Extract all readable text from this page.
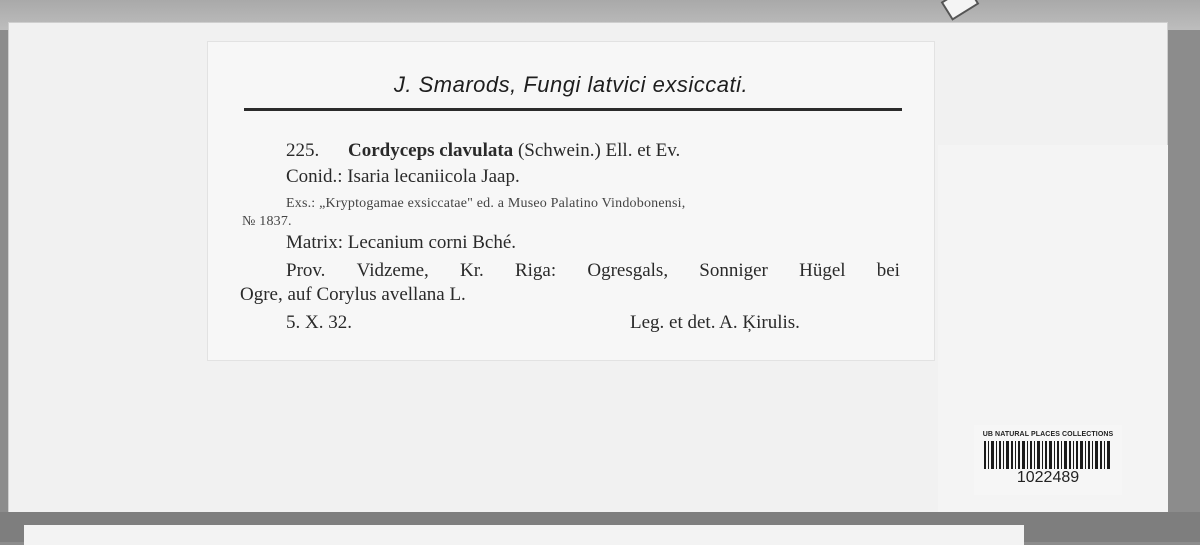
J. Smarods, Fungi latvici exsiccati.
225. Cordyceps clavulata (Schwein.) Ell. et Ev.
Conid.: Isaria lecaniicola Jaap.
Exs.: „Kryptogamae exsiccatae" ed. a Museo Palatino Vindobonensi,
№ 1837.
Matrix: Lecanium corni Bché.
Prov. Vidzeme, Kr. Riga: Ogresgals, Sonniger Hügel bei
Ogre, auf Corylus avellana L.
5. X. 32.	Leg. et det. A. Ķirulis.
UB NATURAL PLACES COLLECTIONS
1022489
